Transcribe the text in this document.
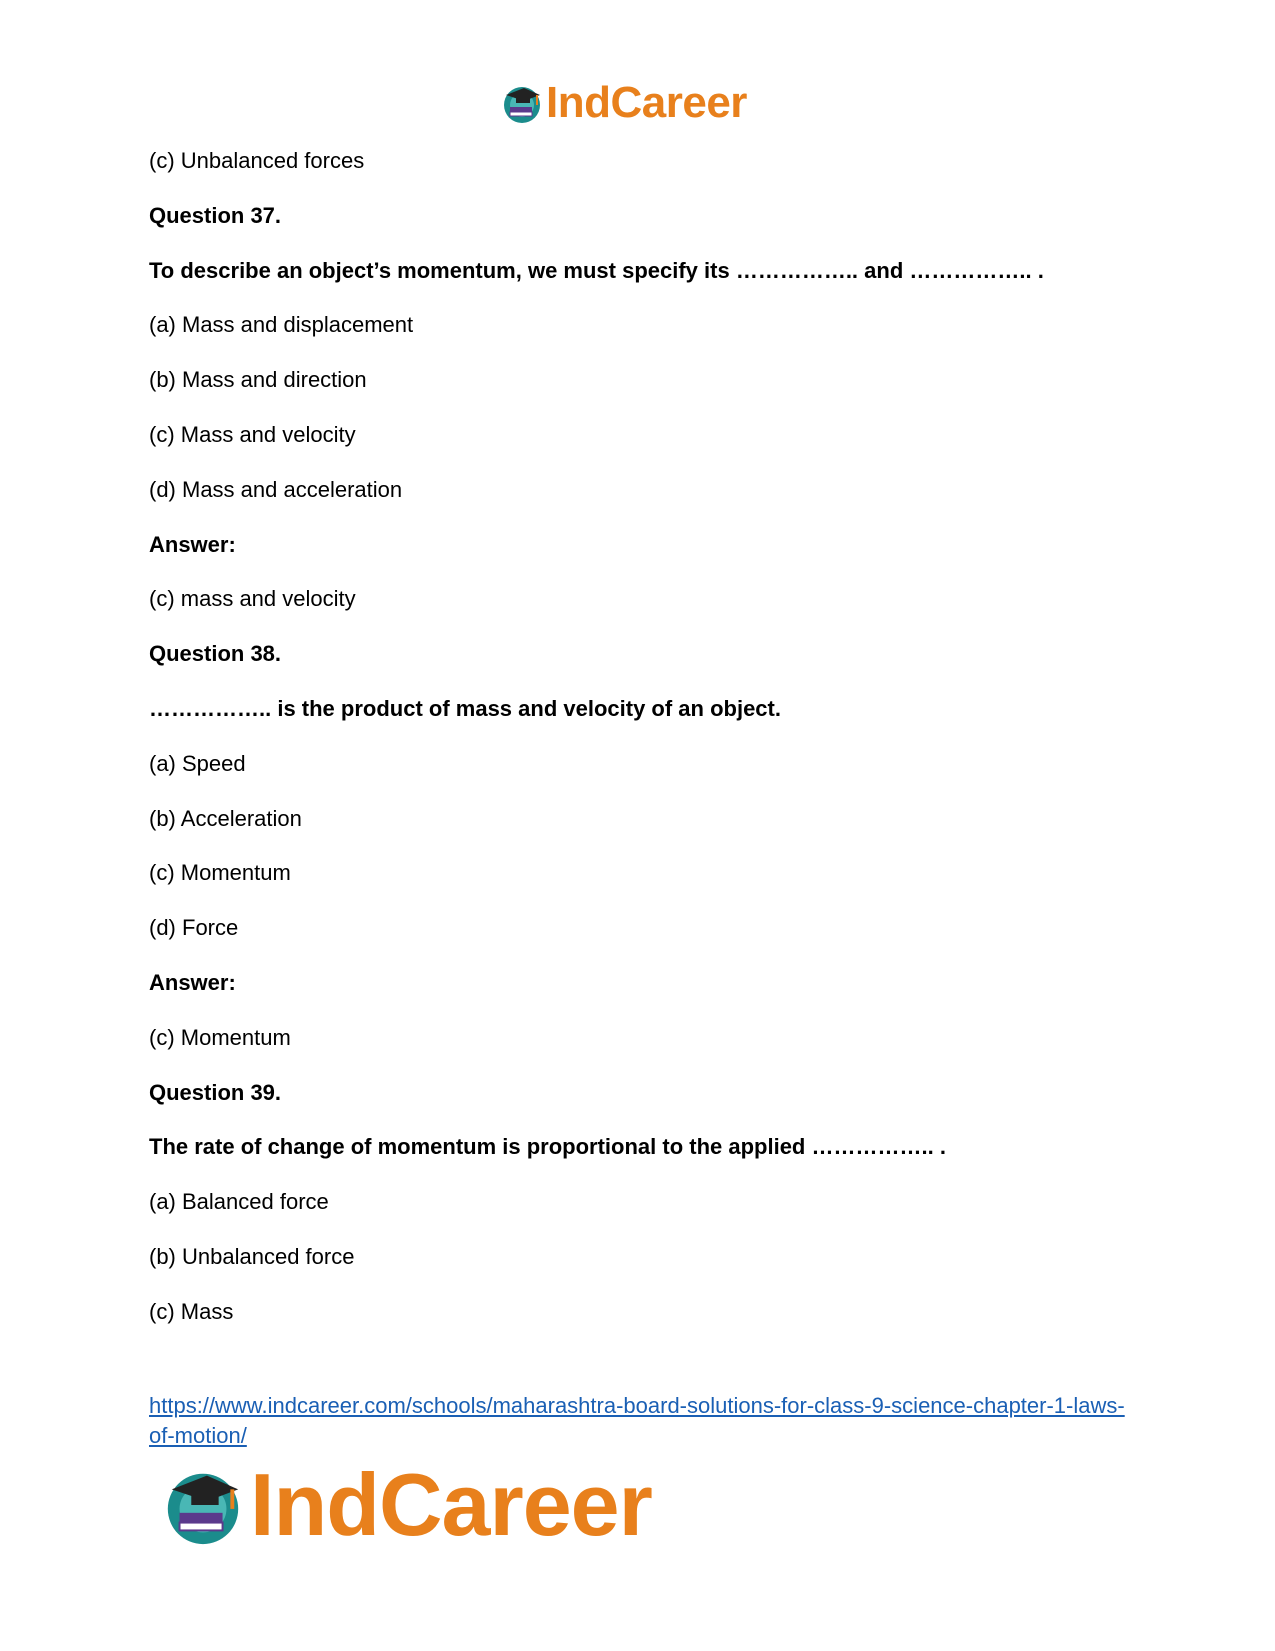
IndCareer
(c) Unbalanced forces
Question 37.
To describe an object’s momentum, we must specify its …………….. and …………….. .
(a) Mass and displacement
(b) Mass and direction
(c) Mass and velocity
(d) Mass and acceleration
Answer:
(c) mass and velocity
Question 38.
…………….. is the product of mass and velocity of an object.
(a) Speed
(b) Acceleration
(c) Momentum
(d) Force
Answer:
(c) Momentum
Question 39.
The rate of change of momentum is proportional to the applied …………….. .
(a) Balanced force
(b) Unbalanced force
(c) Mass
https://www.indcareer.com/schools/maharashtra-board-solutions-for-class-9-science-chapter-1-laws-of-motion/
IndCareer
